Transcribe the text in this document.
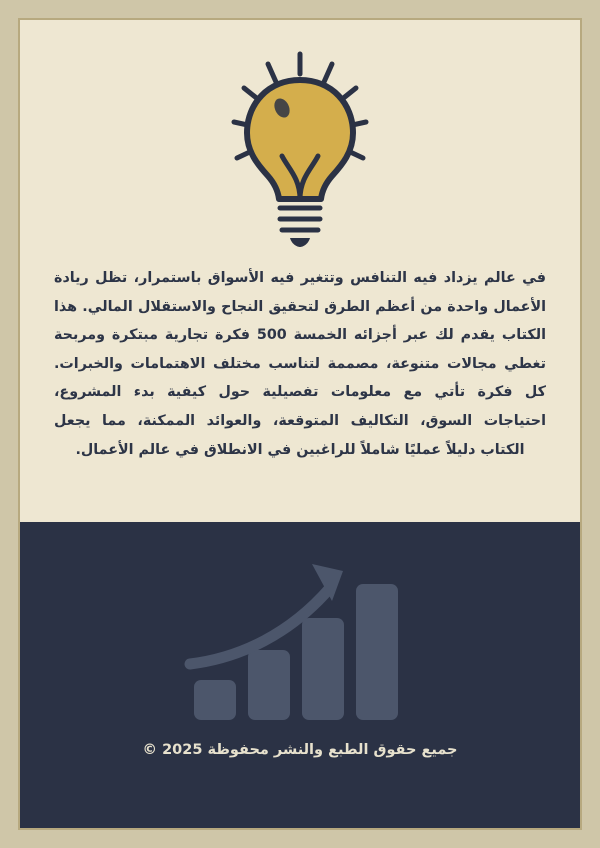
في عالم يزداد فيه التنافس وتتغير فيه الأسواق باستمرار، تظل ريادة الأعمال واحدة من أعظم الطرق لتحقيق النجاح والاستقلال المالي. هذا الكتاب يقدم لك عبر أجزائه الخمسة 500 فكرة تجارية مبتكرة ومربحة تغطي مجالات متنوعة، مصممة لتناسب مختلف الاهتمامات والخبرات. كل فكرة تأتي مع معلومات تفصيلية حول كيفية بدء المشروع، احتياجات السوق، التكاليف المتوقعة، والعوائد الممكنة، مما يجعل الكتاب دليلاً عمليًا شاملاً للراغبين في الانطلاق في عالم الأعمال.
جميع حقوق الطبع والنشر محفوظة 2025 ©
